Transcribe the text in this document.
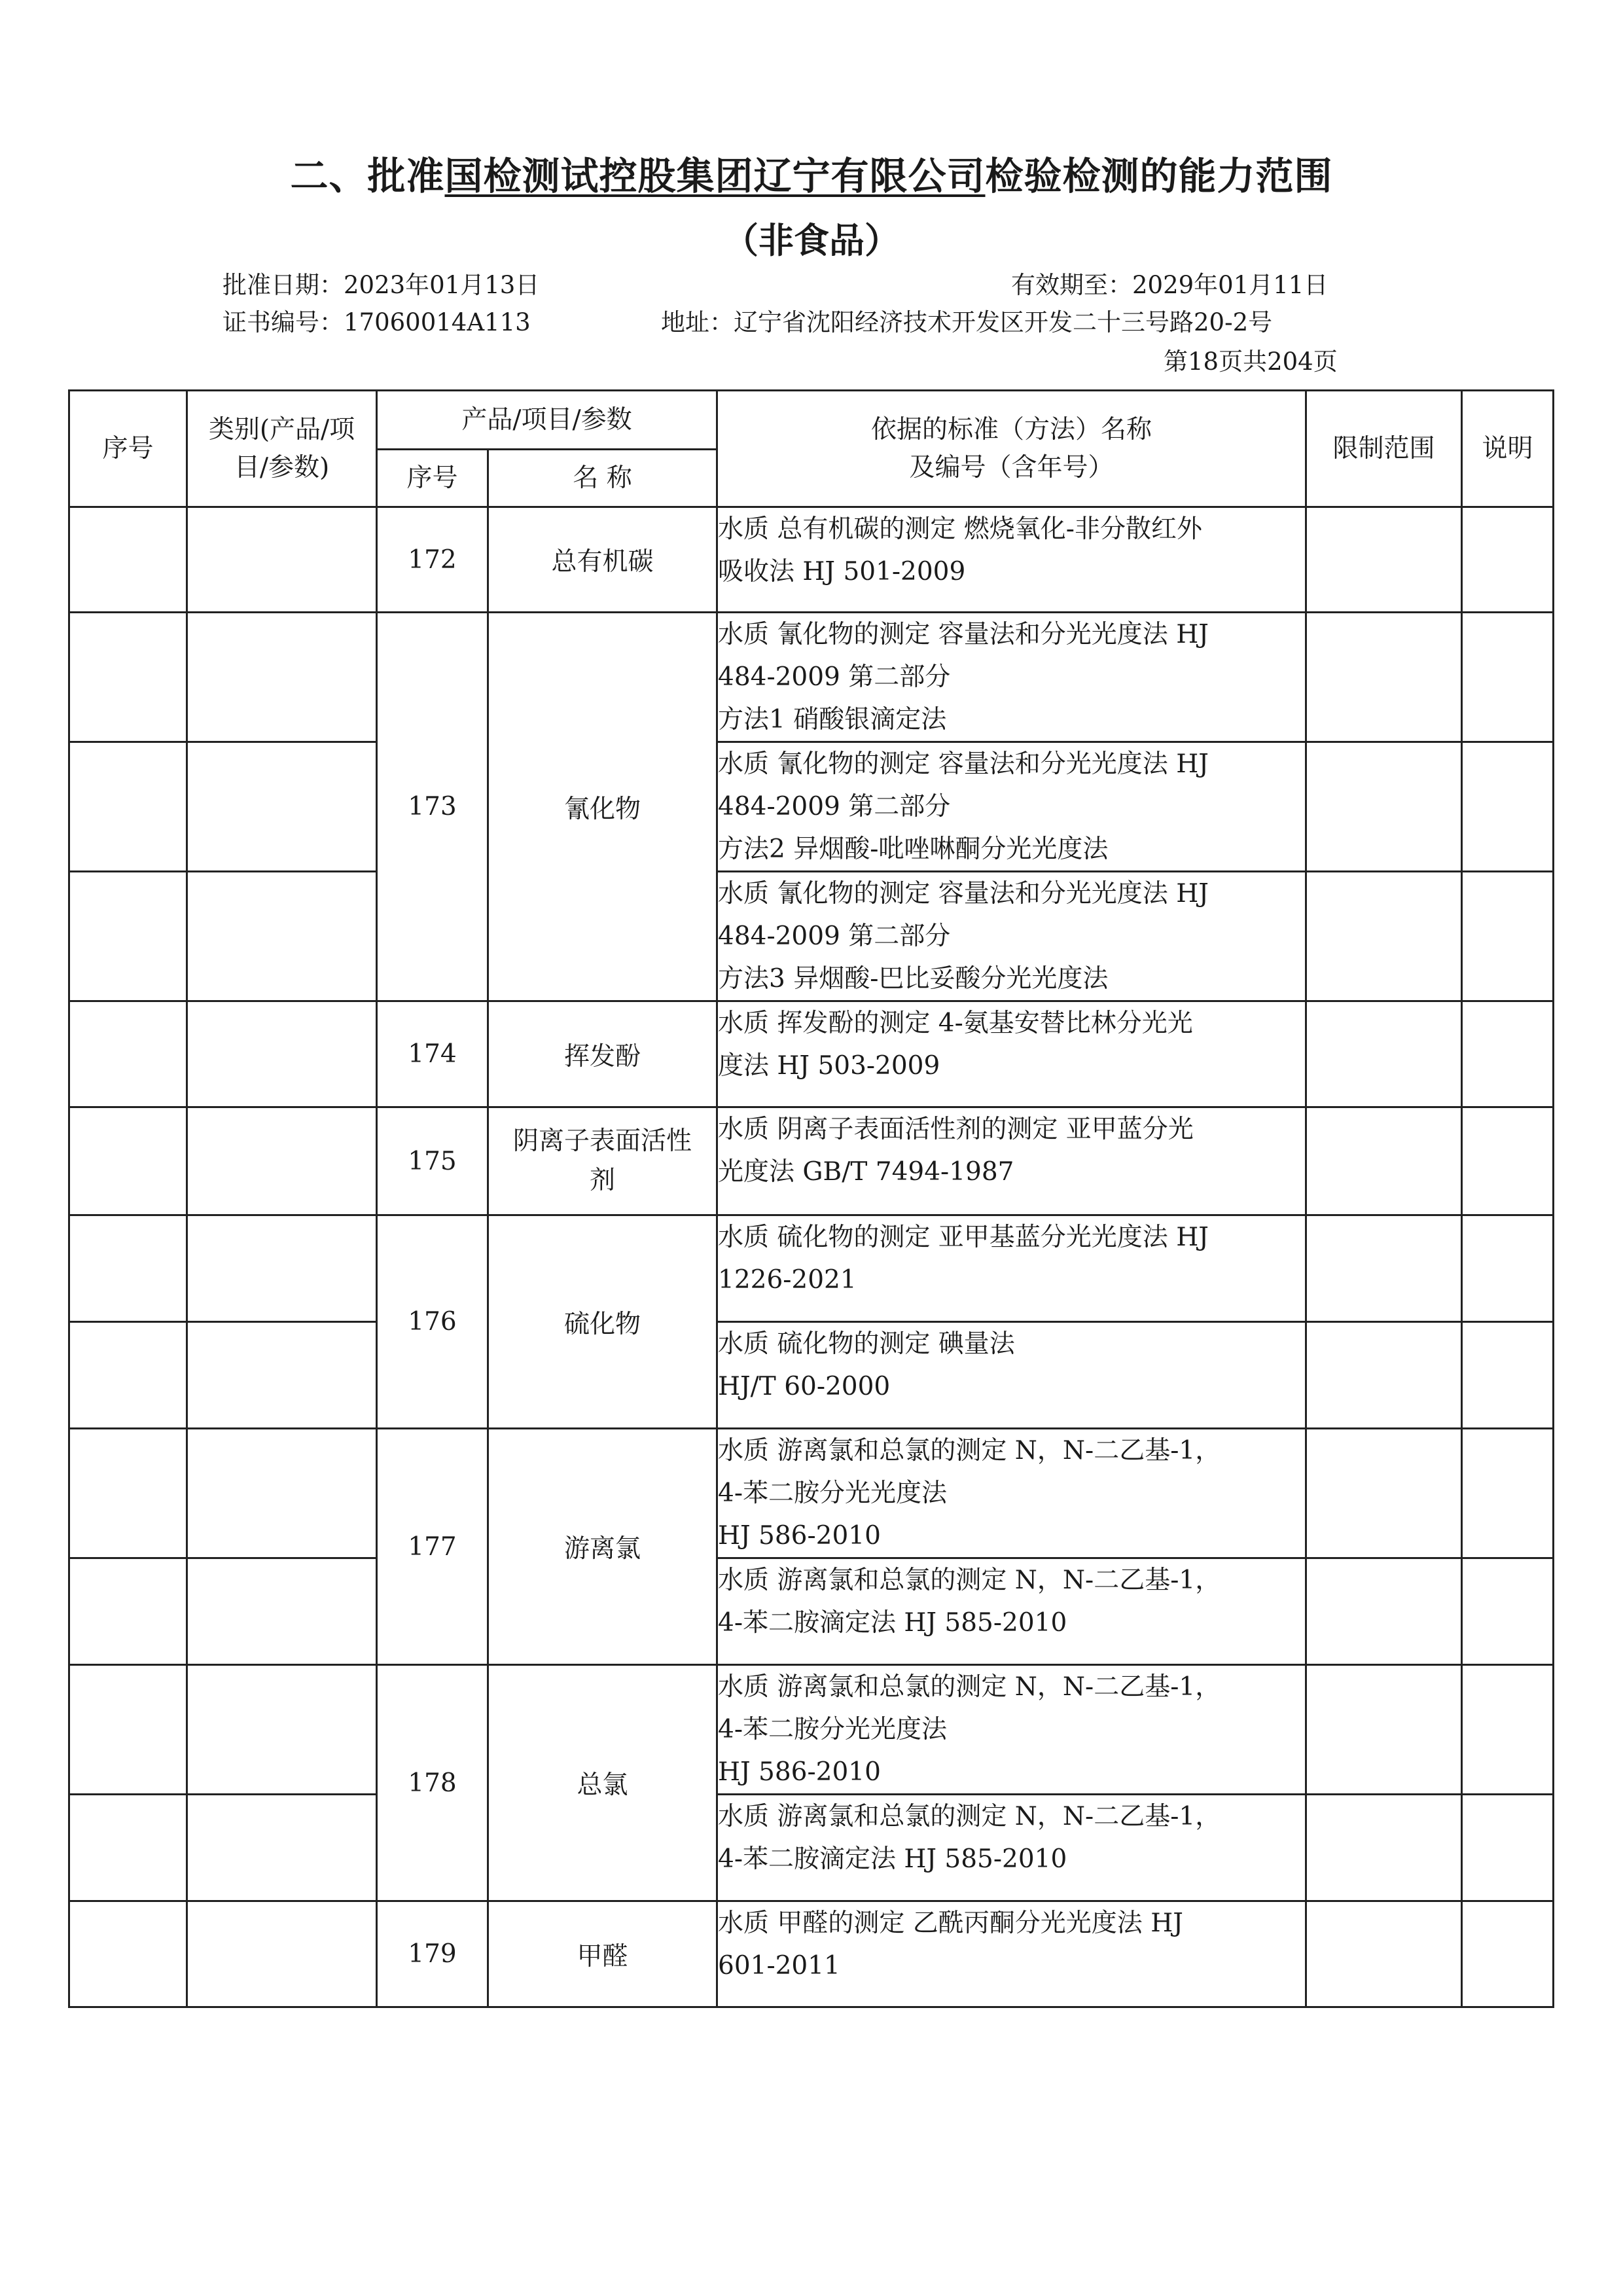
二、批准国检测试控股集团辽宁有限公司检验检测的能力范围
（非食品）
批准日期：2023年01月13日	有效期至：2029年01月11日
证书编号：17060014A113	地址：辽宁省沈阳经济技术开发区开发二十三号路20-2号
第18页共204页
序号	类别(产品/项目/参数)	产品/项目/参数		依据的标准（方法）名称及编号（含年号）	限制范围	说明
		序号	名 称			
		172	总有机碳	水质 总有机碳的测定 燃烧氧化-非分散红外
吸收法 HJ 501-2009		

		173	氰化物	水质 氰化物的测定 容量法和分光光度法 HJ
484-2009 第二部分
方法1 硝酸银滴定法		

				水质 氰化物的测定 容量法和分光光度法 HJ
484-2009 第二部分
方法2 异烟酸-吡唑啉酮分光光度法		

				水质 氰化物的测定 容量法和分光光度法 HJ
484-2009 第二部分
方法3 异烟酸-巴比妥酸分光光度法		

		174	挥发酚	水质 挥发酚的测定 4-氨基安替比林分光光
度法 HJ 503-2009		

		175	阴离子表面活性剂	水质 阴离子表面活性剂的测定 亚甲蓝分光
光度法 GB/T 7494-1987		

		176	硫化物	水质 硫化物的测定 亚甲基蓝分光光度法 HJ
1226-2021		

				水质 硫化物的测定 碘量法
HJ/T 60-2000		

		177	游离氯	水质 游离氯和总氯的测定 N，N-二乙基-1，
4-苯二胺分光光度法
HJ 586-2010		

				水质 游离氯和总氯的测定 N，N-二乙基-1，
4-苯二胺滴定法 HJ 585-2010		

		178	总氯	水质 游离氯和总氯的测定 N，N-二乙基-1，
4-苯二胺分光光度法
HJ 586-2010		

				水质 游离氯和总氯的测定 N，N-二乙基-1，
4-苯二胺滴定法 HJ 585-2010		

		179	甲醛	水质 甲醛的测定 乙酰丙酮分光光度法 HJ
601-2011		
